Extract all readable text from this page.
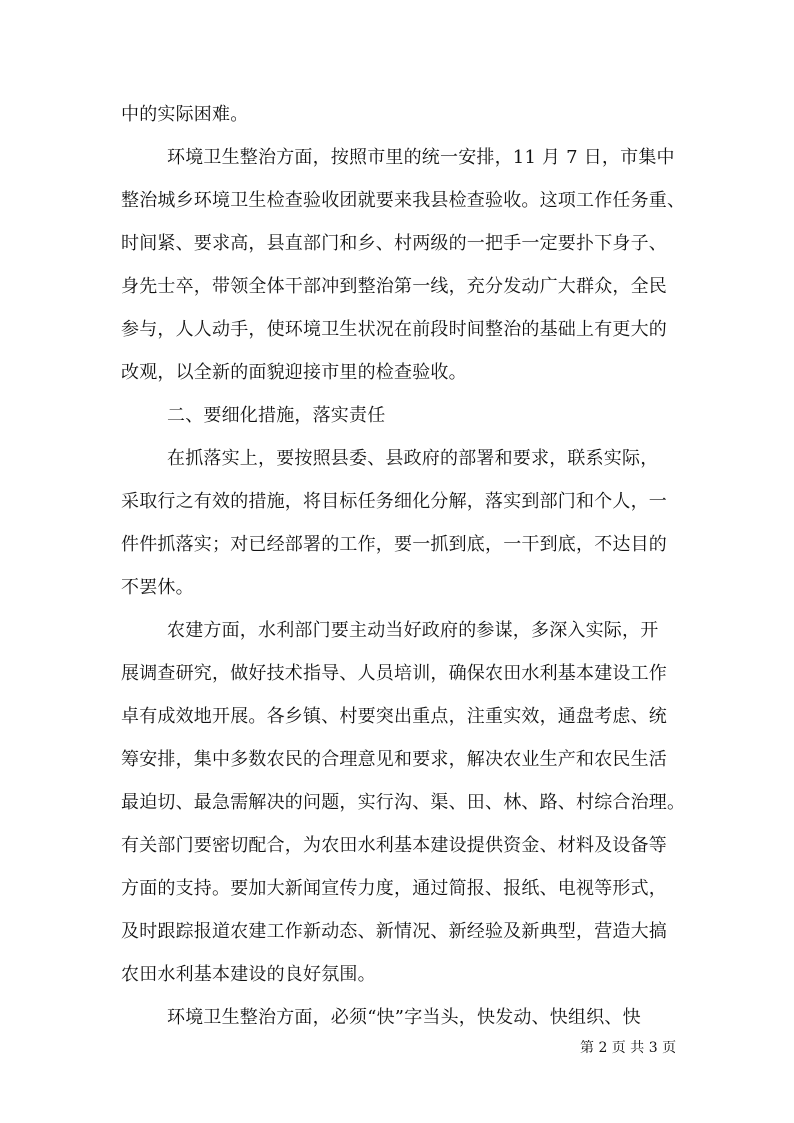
中的实际困难。
环境卫生整治方面，按照市里的统一安排，11 月 7 日，市集中
整治城乡环境卫生检查验收团就要来我县检查验收。这项工作任务重、
时间紧、要求高，县直部门和乡、村两级的一把手一定要扑下身子、
身先士卒，带领全体干部冲到整治第一线，充分发动广大群众，全民
参与，人人动手，使环境卫生状况在前段时间整治的基础上有更大的
改观，以全新的面貌迎接市里的检查验收。
二、要细化措施，落实责任
在抓落实上，要按照县委、县政府的部署和要求，联系实际，
采取行之有效的措施，将目标任务细化分解，落实到部门和个人，一
件件抓落实；对已经部署的工作，要一抓到底，一干到底，不达目的
不罢休。
农建方面，水利部门要主动当好政府的参谋，多深入实际，开
展调查研究，做好技术指导、人员培训，确保农田水利基本建设工作
卓有成效地开展。各乡镇、村要突出重点，注重实效，通盘考虑、统
筹安排，集中多数农民的合理意见和要求，解决农业生产和农民生活
最迫切、最急需解决的问题，实行沟、渠、田、林、路、村综合治理。
有关部门要密切配合，为农田水利基本建设提供资金、材料及设备等
方面的支持。要加大新闻宣传力度，通过简报、报纸、电视等形式，
及时跟踪报道农建工作新动态、新情况、新经验及新典型，营造大搞
农田水利基本建设的良好氛围。
环境卫生整治方面，必须“快”字当头，快发动、快组织、快
第 2 页 共 3 页
